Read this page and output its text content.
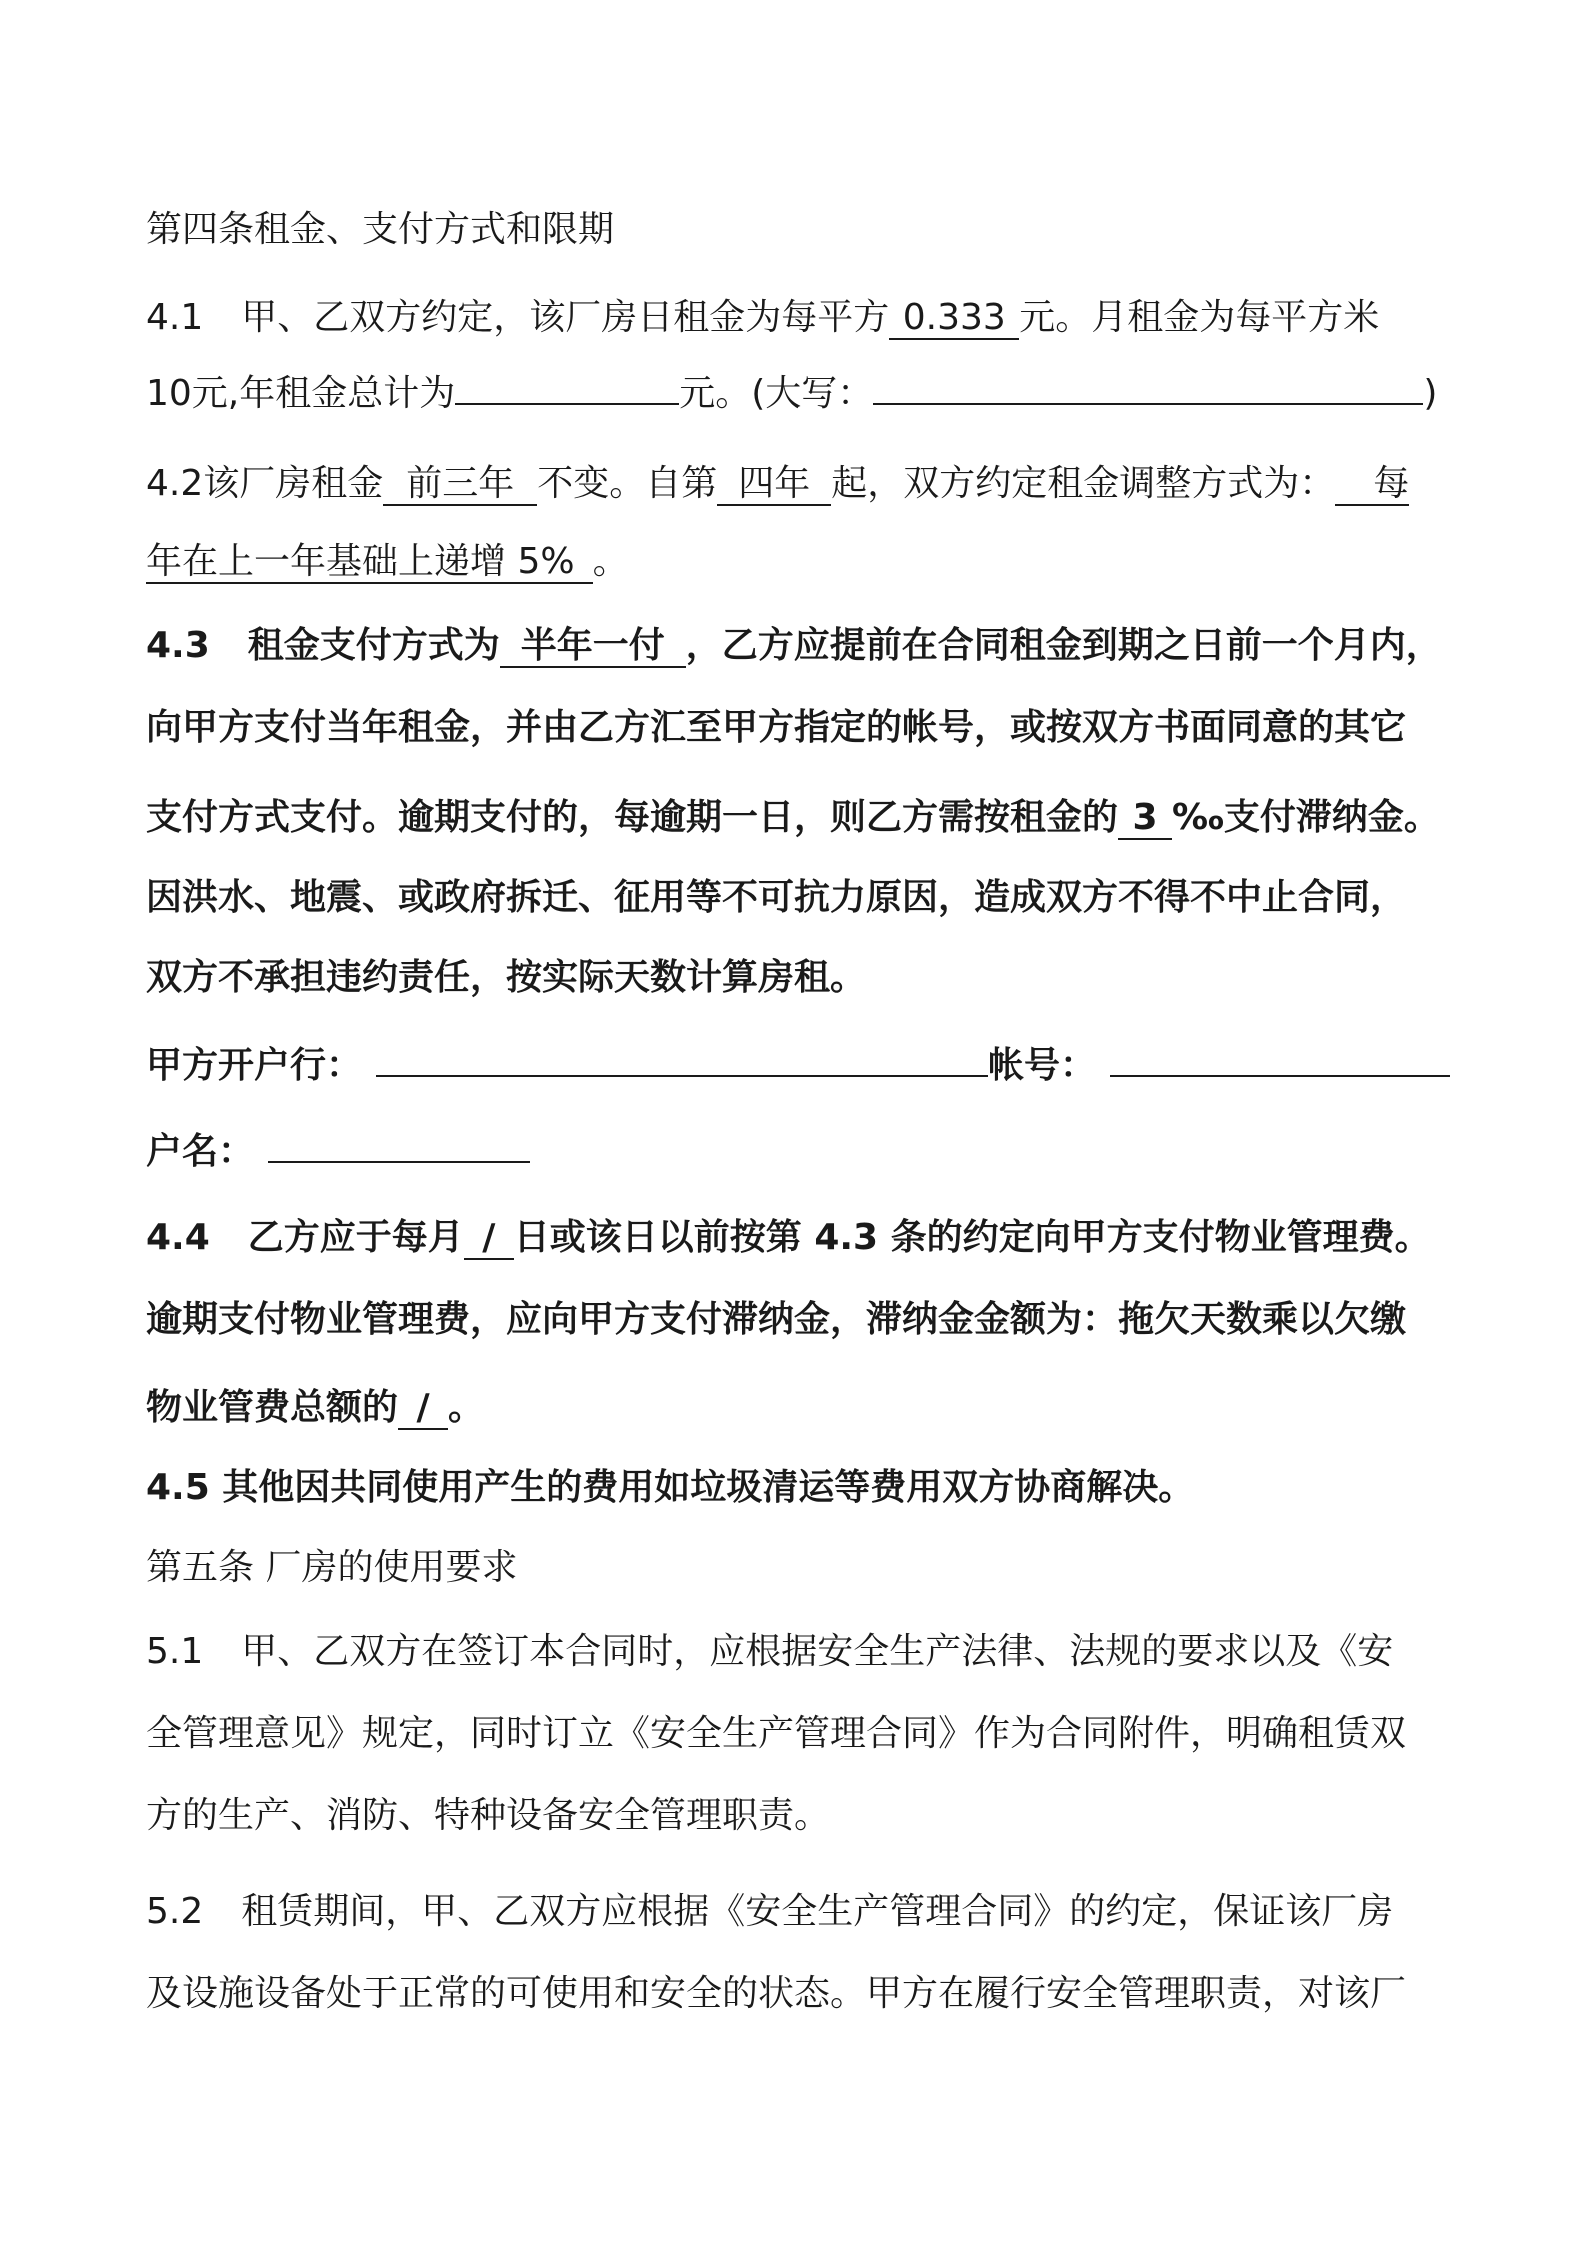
第四条租金、支付方式和限期
4.1 甲、乙双方约定，该厂房日租金为每平方 0.333 元。月租金为每平方米
10元,年租金总计为	元。(大写：	)
4.2该厂房租金 前三年 不变。自第 四年 起，双方约定租金调整方式为： 每
年在上一年基础上递增 5% 。
4.3 租金支付方式为 半年一付 ，乙方应提前在合同租金到期之日前一个月内，
向甲方支付当年租金，并由乙方汇至甲方指定的帐号，或按双方书面同意的其它
支付方式支付。逾期支付的，每逾期一日，则乙方需按租金的 3 ‰支付滞纳金。
因洪水、地震、或政府拆迁、征用等不可抗力原因，造成双方不得不中止合同，
双方不承担违约责任，按实际天数计算房租。
甲方开户行：	帐号：
户名：
4.4 乙方应于每月 / 日或该日以前按第 4.3 条的约定向甲方支付物业管理费。
逾期支付物业管理费，应向甲方支付滞纳金，滞纳金金额为：拖欠天数乘以欠缴
物业管费总额的 / 。
4.5 其他因共同使用产生的费用如垃圾清运等费用双方协商解决。
第五条 厂房的使用要求
5.1 甲、乙双方在签订本合同时，应根据安全生产法律、法规的要求以及《安
全管理意见》规定，同时订立《安全生产管理合同》作为合同附件，明确租赁双
方的生产、消防、特种设备安全管理职责。
5.2 租赁期间，甲、乙双方应根据《安全生产管理合同》的约定，保证该厂房
及设施设备处于正常的可使用和安全的状态。甲方在履行安全管理职责，对该厂
